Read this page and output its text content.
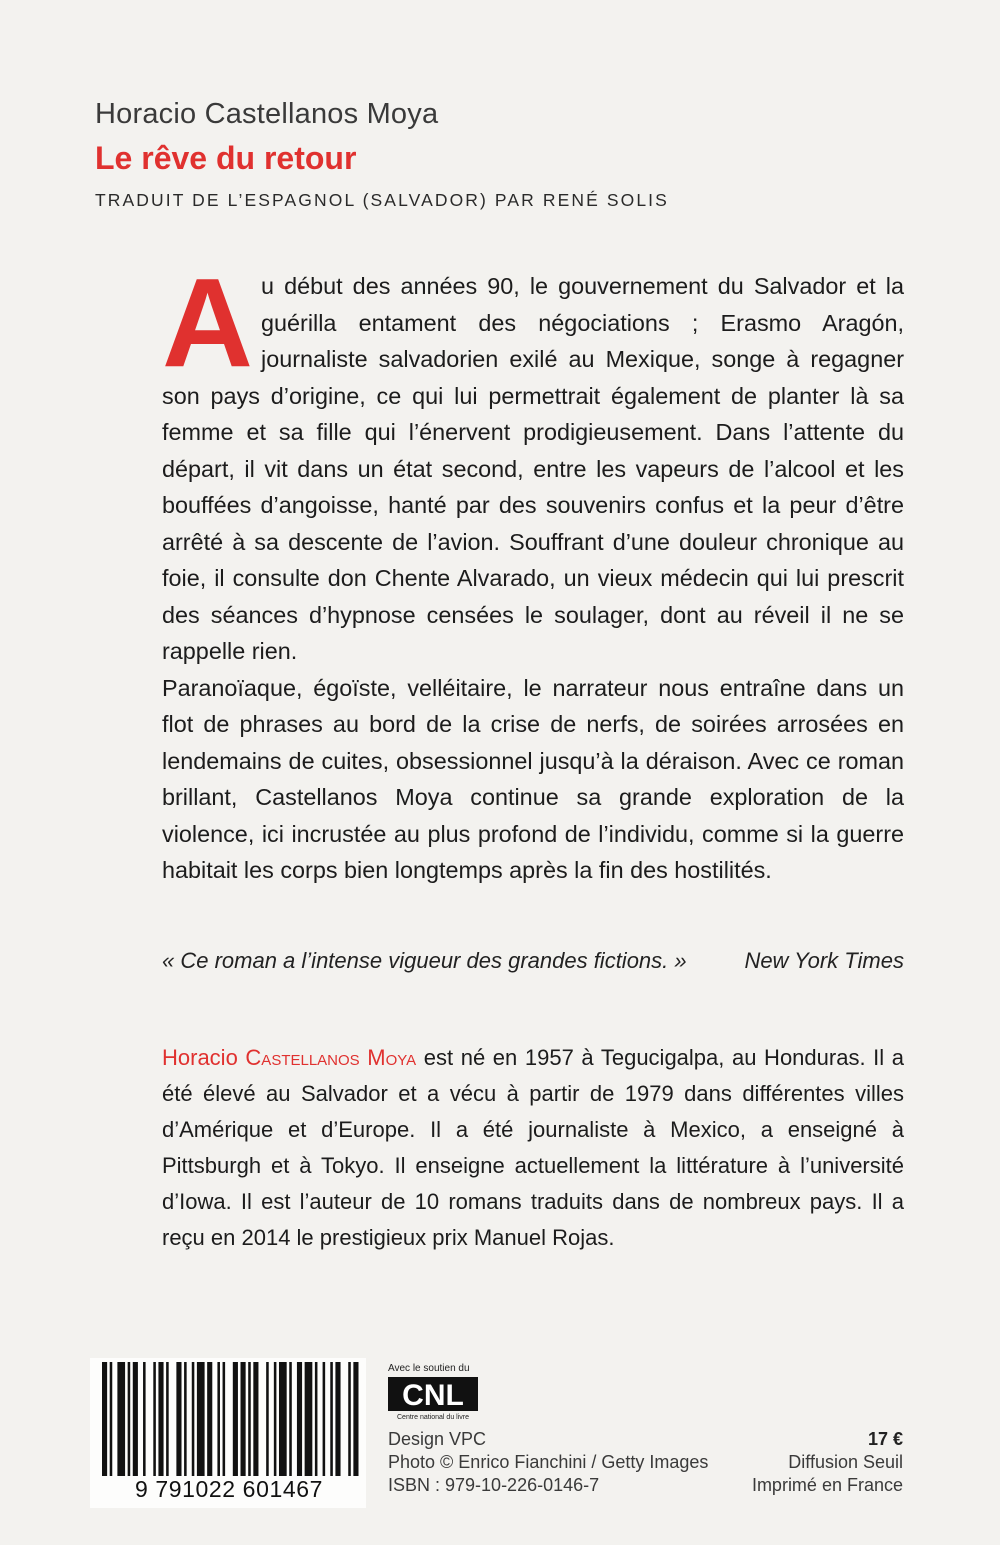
Horacio Castellanos Moya
Le rêve du retour
TRADUIT DE L’ESPAGNOL (SALVADOR) PAR RENÉ SOLIS

Au début des années 90, le gouvernement du Salvador et la guérilla entament des négociations ; Erasmo Aragón, journaliste salvadorien exilé au Mexique, songe à regagner son pays d’origine, ce qui lui permettrait également de planter là sa femme et sa fille qui l’énervent prodigieusement. Dans l’attente du départ, il vit dans un état second, entre les vapeurs de l’alcool et les bouffées d’angoisse, hanté par des souvenirs confus et la peur d’être arrêté à sa descente de l’avion. Souffrant d’une douleur chronique au foie, il consulte don Chente Alvarado, un vieux médecin qui lui prescrit des séances d’hypnose censées le soulager, dont au réveil il ne se rappelle rien.

Paranoïaque, égoïste, velléitaire, le narrateur nous entraîne dans un flot de phrases au bord de la crise de nerfs, de soirées arrosées en lendemains de cuites, obsessionnel jusqu’à la déraison. Avec ce roman brillant, Castellanos Moya continue sa grande exploration de la violence, ici incrustée au plus profond de l’individu, comme si la guerre habitait les corps bien longtemps après la fin des hostilités.

« Ce roman a l’intense vigueur des grandes fictions. »	New York Times

Horacio Castellanos Moya est né en 1957 à Tegucigalpa, au Honduras. Il a été élevé au Salvador et a vécu à partir de 1979 dans différentes villes d’Amérique et d’Europe. Il a été journaliste à Mexico, a enseigné à Pittsburgh et à Tokyo. Il enseigne actuellement la littérature à l’université d’Iowa. Il est l’auteur de 10 romans traduits dans de nombreux pays. Il a reçu en 2014 le prestigieux prix Manuel Rojas.

9 791022 601467
Avec le soutien du
CNL
Centre national du livre
Design VPC
Photo © Enrico Fianchini / Getty Images
ISBN : 979-10-226-0146-7
17 €
Diffusion Seuil
Imprimé en France
